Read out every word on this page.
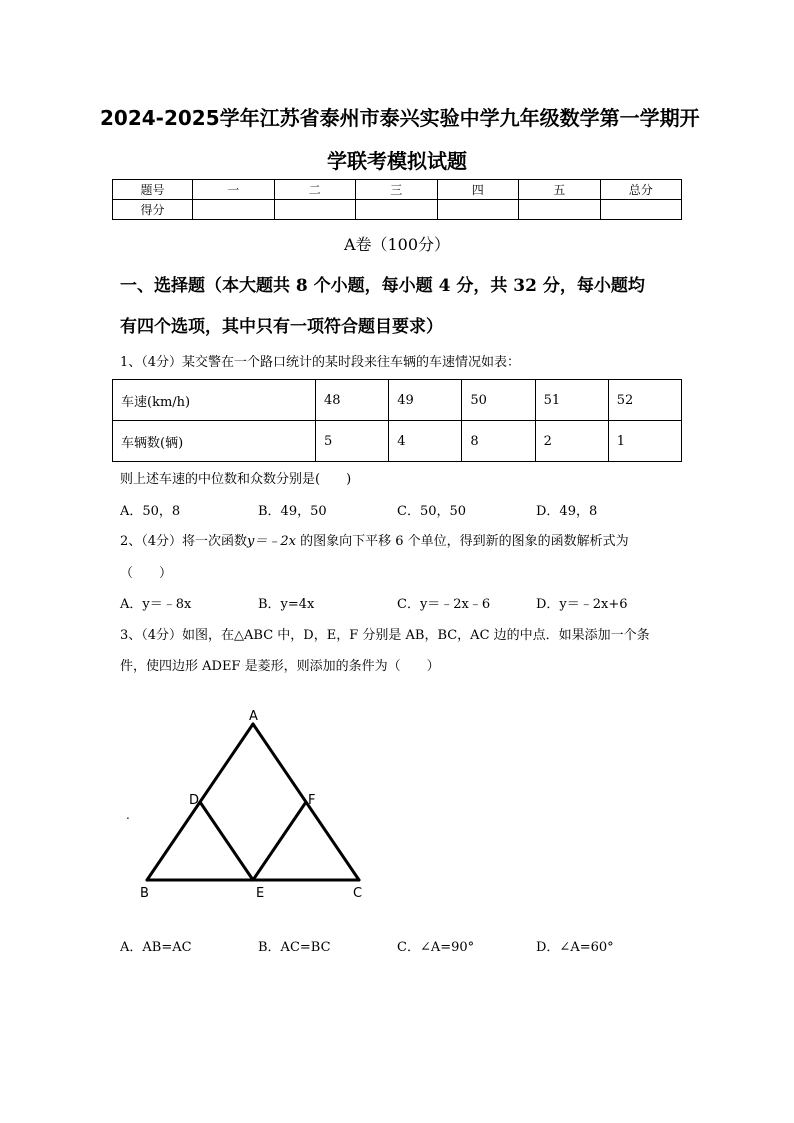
2024-2025学年江苏省泰州市泰兴实验中学九年级数学第一学期开
学联考模拟试题
题号	一	二	三	四	五	总分
得分						
A卷（100分）
一、选择题（本大题共 8 个小题，每小题 4 分，共 32 分，每小题均
有四个选项，其中只有一项符合题目要求）
1、（4分）某交警在一个路口统计的某时段来往车辆的车速情况如表：
车速(km/h)	48	49	50	51	52
车辆数(辆)	5	4	8	2	1
则上述车速的中位数和众数分别是(　　)
A．50，8	B．49，50	C．50，50	D．49，8
2、（4分）将一次函数y＝﹣2x 的图象向下平移 6 个单位，得到新的图象的函数解析式为
（　　）
A．y＝﹣8x	B．y=4x	C．y＝﹣2x﹣6	D．y＝﹣2x+6
3、（4分）如图，在△ABC 中，D，E，F 分别是 AB，BC，AC 边的中点．如果添加一个条
件，使四边形 ADEF 是菱形，则添加的条件为（　　）
A
D	F
B	E	C
.
A．AB=AC	B．AC=BC	C．∠A=90°	D．∠A=60°
